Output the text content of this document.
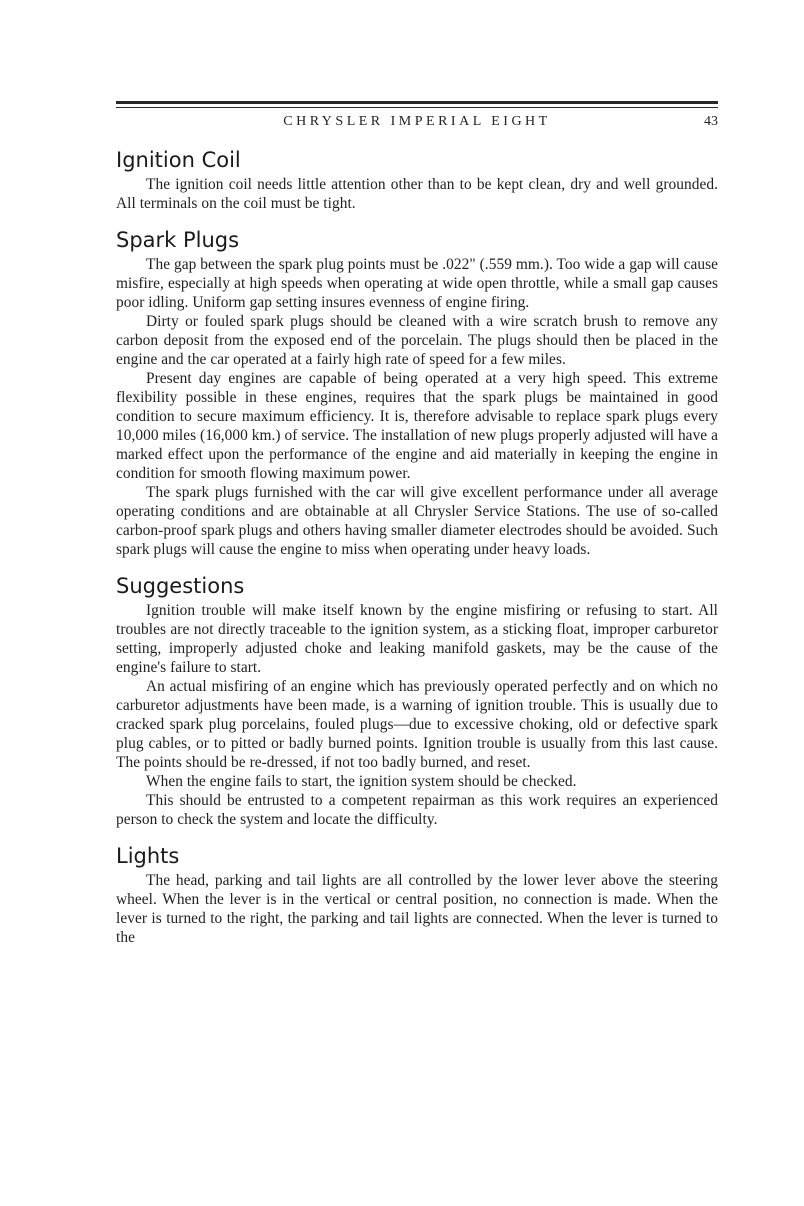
CHRYSLER IMPERIAL EIGHT	43
Ignition Coil

The ignition coil needs little attention other than to be kept clean, dry and well grounded. All terminals on the coil must be tight.

Spark Plugs

The gap between the spark plug points must be .022" (.559 mm.). Too wide a gap will cause misfire, especially at high speeds when operating at wide open throttle, while a small gap causes poor idling. Uniform gap setting insures evenness of engine firing.

Dirty or fouled spark plugs should be cleaned with a wire scratch brush to remove any carbon deposit from the exposed end of the porcelain. The plugs should then be placed in the engine and the car operated at a fairly high rate of speed for a few miles.

Present day engines are capable of being operated at a very high speed. This extreme flexibility possible in these engines, requires that the spark plugs be maintained in good condition to secure maximum efficiency. It is, therefore advisable to replace spark plugs every 10,000 miles (16,000 km.) of service. The installation of new plugs properly adjusted will have a marked effect upon the performance of the engine and aid materially in keeping the engine in condition for smooth flowing maximum power.

The spark plugs furnished with the car will give excellent performance under all average operating conditions and are obtainable at all Chrysler Service Stations. The use of so-called carbon-proof spark plugs and others having smaller diameter electrodes should be avoided. Such spark plugs will cause the engine to miss when operating under heavy loads.

Suggestions

Ignition trouble will make itself known by the engine misfiring or refusing to start. All troubles are not directly traceable to the ignition system, as a sticking float, improper carburetor setting, improperly adjusted choke and leaking manifold gaskets, may be the cause of the engine's failure to start.

An actual misfiring of an engine which has previously operated perfectly and on which no carburetor adjustments have been made, is a warning of ignition trouble. This is usually due to cracked spark plug porcelains, fouled plugs—due to excessive choking, old or defective spark plug cables, or to pitted or badly burned points. Ignition trouble is usually from this last cause. The points should be re-dressed, if not too badly burned, and reset.

When the engine fails to start, the ignition system should be checked.

This should be entrusted to a competent repairman as this work requires an experienced person to check the system and locate the difficulty.

Lights

The head, parking and tail lights are all controlled by the lower lever above the steering wheel. When the lever is in the vertical or central position, no connection is made. When the lever is turned to the right, the parking and tail lights are connected. When the lever is turned to the
